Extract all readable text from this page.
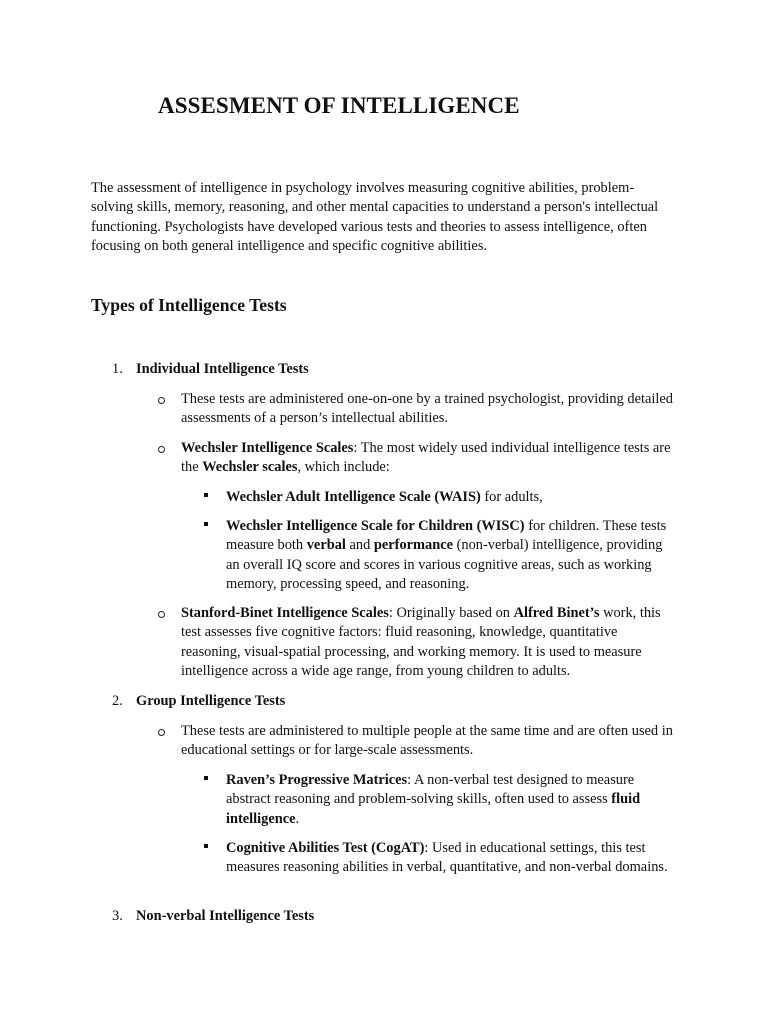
ASSESMENT OF INTELLIGENCE

The assessment of intelligence in psychology involves measuring cognitive abilities, problem-solving skills, memory, reasoning, and other mental capacities to understand a person's intellectual functioning. Psychologists have developed various tests and theories to assess intelligence, often focusing on both general intelligence and specific cognitive abilities.

Types of Intelligence Tests
1. Individual Intelligence Tests

These tests are administered one-on-one by a trained psychologist, providing detailed assessments of a person’s intellectual abilities.

Wechsler Intelligence Scales: The most widely used individual intelligence tests are the Wechsler scales, which include:

Wechsler Adult Intelligence Scale (WAIS) for adults,

Wechsler Intelligence Scale for Children (WISC) for children. These tests measure both verbal and performance (non-verbal) intelligence, providing an overall IQ score and scores in various cognitive areas, such as working memory, processing speed, and reasoning.

Stanford-Binet Intelligence Scales: Originally based on Alfred Binet’s work, this test assesses five cognitive factors: fluid reasoning, knowledge, quantitative reasoning, visual-spatial processing, and working memory. It is used to measure intelligence across a wide age range, from young children to adults.

2. Group Intelligence Tests

These tests are administered to multiple people at the same time and are often used in educational settings or for large-scale assessments.

Raven’s Progressive Matrices: A non-verbal test designed to measure abstract reasoning and problem-solving skills, often used to assess fluid intelligence.

Cognitive Abilities Test (CogAT): Used in educational settings, this test measures reasoning abilities in verbal, quantitative, and non-verbal domains.

3. Non-verbal Intelligence Tests
